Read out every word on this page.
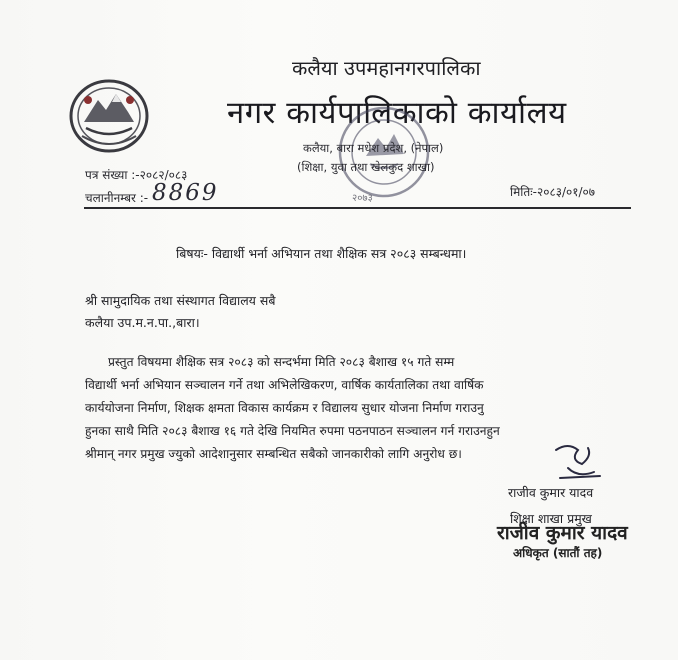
कलैया उपमहानगरपालिका
नगर कार्यपालिकाको कार्यालय
कलैया, बारा मधेश प्रदेश, (नेपाल)
(शिक्षा, युवा तथा खेलकुद शाखा)
२०७३
पत्र संख्या :-२०८२/०८३
चलानीनम्बर :- 8869	मितिः-२०८३/०१/०७
बिषयः- विद्यार्थी भर्ना अभियान तथा शैक्षिक सत्र २०८३ सम्बन्धमा।
श्री सामुदायिक तथा संस्थागत विद्यालय सबै
कलैया उप.म.न.पा.,बारा।
प्रस्तुत विषयमा शैक्षिक सत्र २०८३ को सन्दर्भमा मिति २०८३ बैशाख १५ गते सम्म
विद्यार्थी भर्ना अभियान सञ्चालन गर्ने तथा अभिलेखिकरण, वार्षिक कार्यतालिका तथा वार्षिक
कार्ययोजना निर्माण, शिक्षक क्षमता विकास कार्यक्रम र विद्यालय सुधार योजना निर्माण गराउनु
हुनका साथै मिति २०८३ बैशाख १६ गते देखि नियमित रुपमा पठनपाठन सञ्चालन गर्न गराउनहुन
श्रीमान् नगर प्रमुख ज्युको आदेशानुसार सम्बन्धित सबैको जानकारीको लागि अनुरोध छ।
राजीव कुमार यादव
शिक्षा शाखा प्रमुख
राजीव कुमार यादव
अधिकृत (सातौं तह)
